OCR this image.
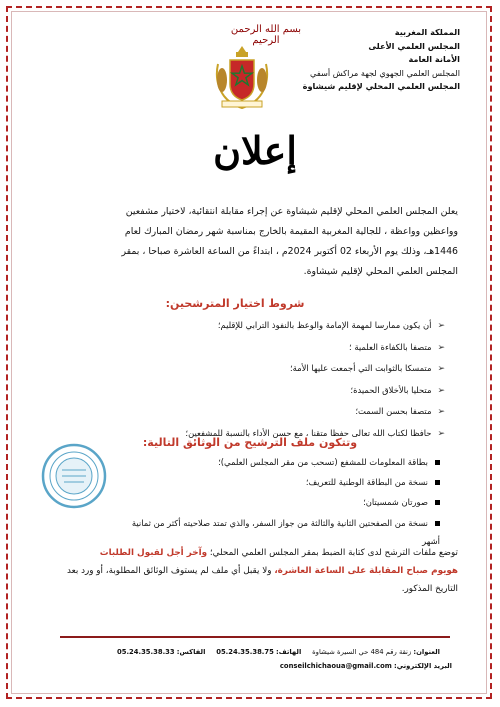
بسم الله الرحمن الرحيم
المملكة المغربية
المجلس العلمي الأعلى
الأمانة العامة
المجلس العلمي الجهوي لجهة مراكش أسفي
المجلس العلمي المحلي لإقليم شيشاوة
إعلان

يعلن المجلس العلمي المحلي لإقليم شيشاوة عن إجراء مقابلة انتقائية، لاختيار مشفعين

وواعظين وواعظة ، للجالية المغربية المقيمة بالخارج بمناسبة شهر رمضان المبارك لعام

1446هـ، وذلك يوم الأربعاء 02 أكتوبر 2024م ، ابتداءً من الساعة العاشرة صباحا ، بمقر

المجلس العلمي المحلي لإقليم شيشاوة.

شروط اختيار المترشحين:
➢أن يكون ممارسا لمهمة الإمامة والوعظ بالنفوذ الترابي للإقليم؛
➢متصفا بالكفاءة العلمية ؛
➢متمسكا بالثوابت التي أجمعت عليها الأمة؛
➢متحليا بالأخلاق الحميدة؛
➢متصفا بحسن السمت؛
➢حافظا لكتاب الله تعالى حفظا متقنا ، مع حسن الأداء بالنسبة للمشفعين؛
وتتكون ملف الترشيح من الوثائق التالية:
بطاقة المعلومات للمشفع (تسحب من مقر المجلس العلمي)؛
نسخة من البطاقة الوطنية للتعريف؛
صورتان شمسيتان؛
نسخة من الصفحتين الثانية والثالثة من جواز السفر، والذي تمتد صلاحيته أكثر من ثمانية
أشهر

توضع ملفات الترشح لدى كتابة الضبط بمقر المجلس العلمي المحلي؛ وآخر أجل لقبول الطلبات

هويوم صباح المقابلة على الساعة العاشرة، ولا يقبل أي ملف لم يستوف الوثائق المطلوبة، أو ورد بعد

التاريخ المذكور.

العنوان: زنقة رقم 484 حي السيرة شيشاوة     الهاتف: 05.24.35.38.75     الفاكس: 05.24.35.38.33
البريد الإلكتروني: conseilchichaoua@gmail.com
